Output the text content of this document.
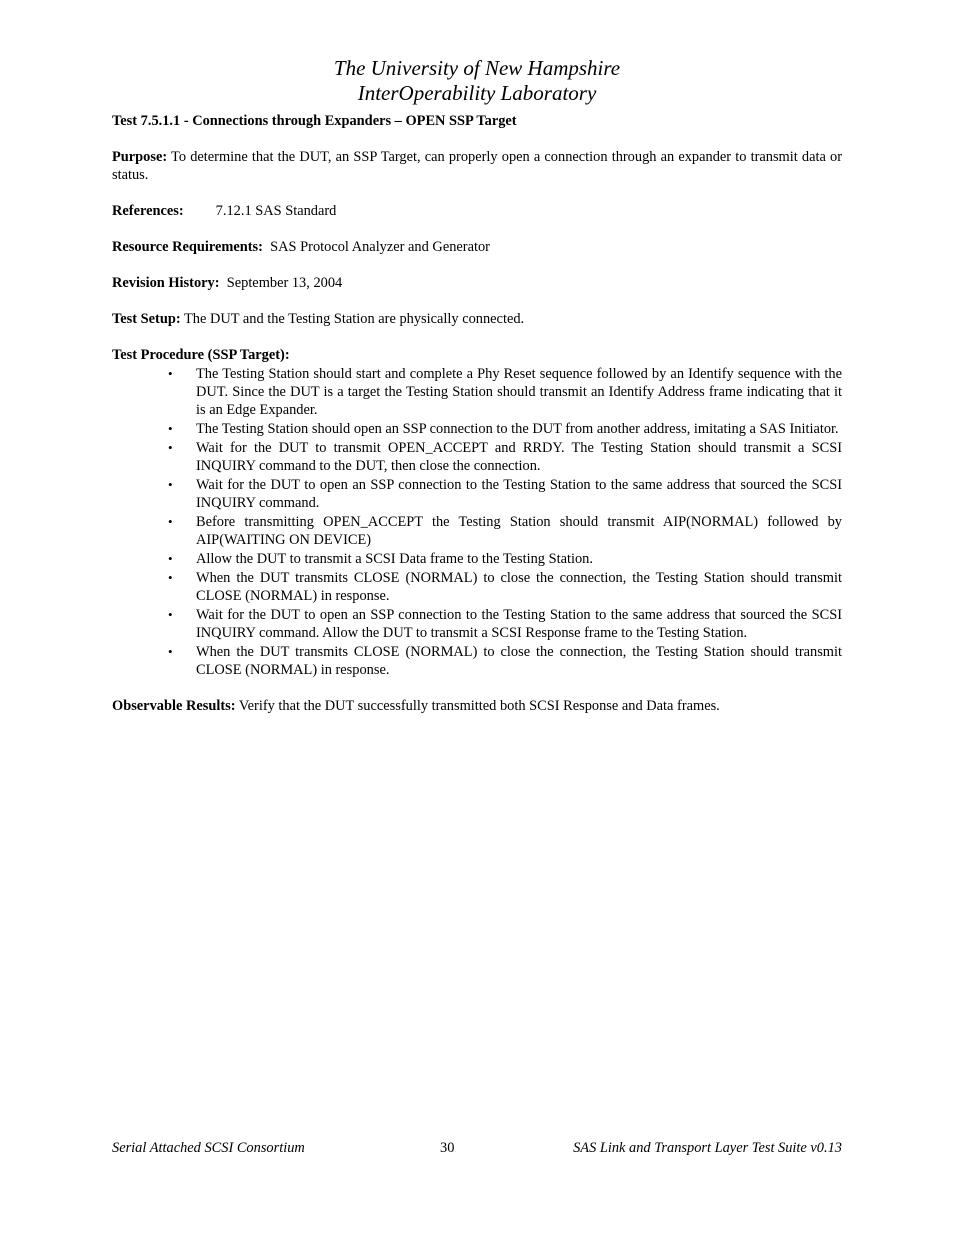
The University of New Hampshire
InterOperability Laboratory

Test 7.5.1.1 - Connections through Expanders – OPEN SSP Target

Purpose: To determine that the DUT, an SSP Target, can properly open a connection through an expander to transmit data or status.

References: 7.12.1 SAS Standard

Resource Requirements:  SAS Protocol Analyzer and Generator

Revision History:  September 13, 2004

Test Setup: The DUT and the Testing Station are physically connected.

Test Procedure (SSP Target):

• The Testing Station should start and complete a Phy Reset sequence followed by an Identify sequence with the DUT. Since the DUT is a target the Testing Station should transmit an Identify Address frame indicating that it is an Edge Expander.
• The Testing Station should open an SSP connection to the DUT from another address, imitating a SAS Initiator.
• Wait for the DUT to transmit OPEN_ACCEPT and RRDY. The Testing Station should transmit a SCSI INQUIRY command to the DUT, then close the connection.
• Wait for the DUT to open an SSP connection to the Testing Station to the same address that sourced the SCSI INQUIRY command.
• Before transmitting OPEN_ACCEPT the Testing Station should transmit AIP(NORMAL) followed by AIP(WAITING ON DEVICE)
• Allow the DUT to transmit a SCSI Data frame to the Testing Station.
• When the DUT transmits CLOSE (NORMAL) to close the connection, the Testing Station should transmit CLOSE (NORMAL) in response.
• Wait for the DUT to open an SSP connection to the Testing Station to the same address that sourced the SCSI INQUIRY command. Allow the DUT to transmit a SCSI Response frame to the Testing Station.
• When the DUT transmits CLOSE (NORMAL) to close the connection, the Testing Station should transmit CLOSE (NORMAL) in response.

Observable Results: Verify that the DUT successfully transmitted both SCSI Response and Data frames.

Serial Attached SCSI Consortium	30	SAS Link and Transport Layer Test Suite v0.13
